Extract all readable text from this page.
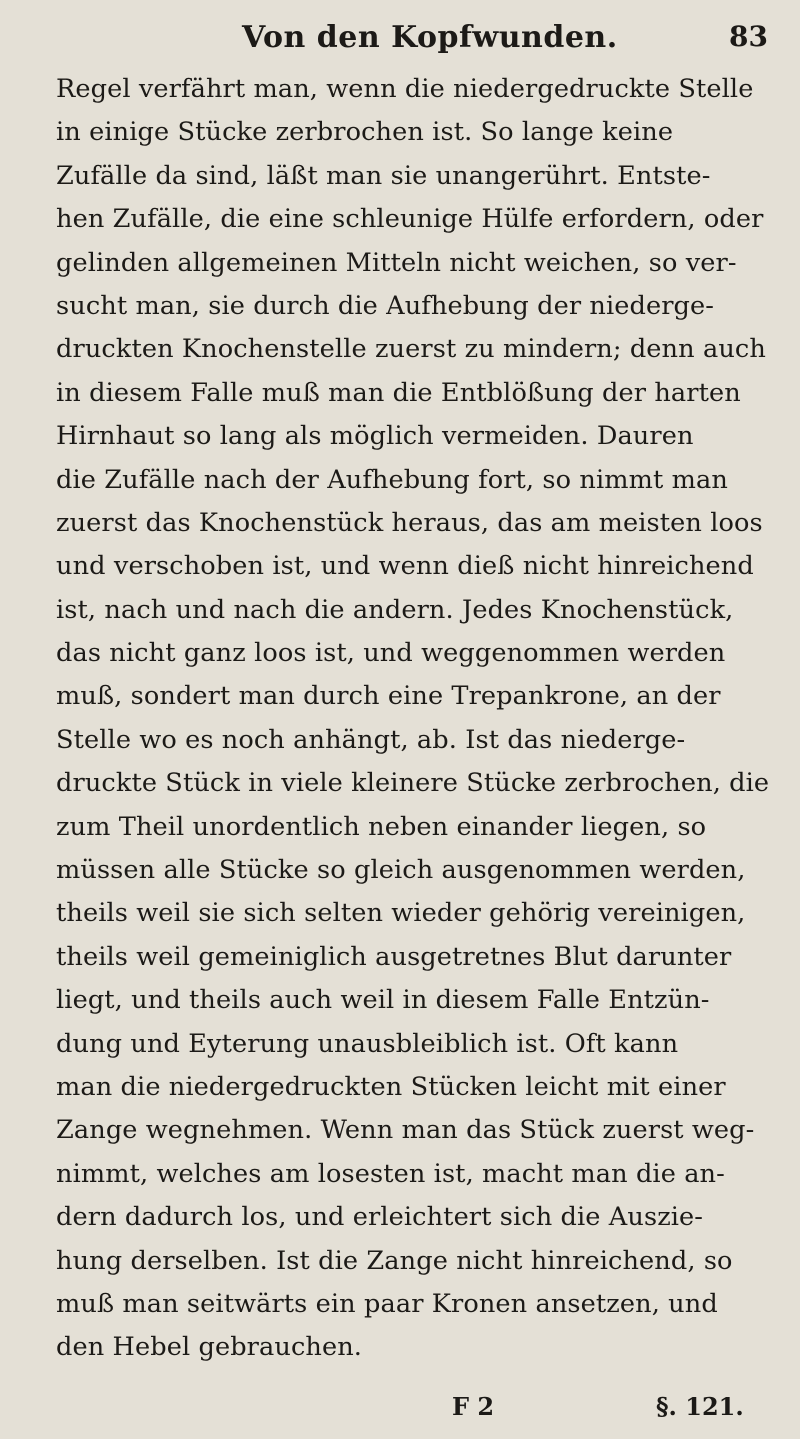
Von den Kopfwunden.	83
Regel verfährt man, wenn die niedergedruckte Stelle
in einige Stücke zerbrochen ist. So lange keine
Zufälle da sind, läßt man sie unangerührt. Entste-
hen Zufälle, die eine schleunige Hülfe erfordern, oder
gelinden allgemeinen Mitteln nicht weichen, so ver-
sucht man, sie durch die Aufhebung der niederge-
druckten Knochenstelle zuerst zu mindern; denn auch
in diesem Falle muß man die Entblößung der harten
Hirnhaut so lang als möglich vermeiden. Dauren
die Zufälle nach der Aufhebung fort, so nimmt man
zuerst das Knochenstück heraus, das am meisten loos
und verschoben ist, und wenn dieß nicht hinreichend
ist, nach und nach die andern. Jedes Knochenstück,
das nicht ganz loos ist, und weggenommen werden
muß, sondert man durch eine Trepankrone, an der
Stelle wo es noch anhängt, ab. Ist das niederge-
druckte Stück in viele kleinere Stücke zerbrochen, die
zum Theil unordentlich neben einander liegen, so
müssen alle Stücke so gleich ausgenommen werden,
theils weil sie sich selten wieder gehörig vereinigen,
theils weil gemeiniglich ausgetretnes Blut darunter
liegt, und theils auch weil in diesem Falle Entzün-
dung und Eyterung unausbleiblich ist. Oft kann
man die niedergedruckten Stücken leicht mit einer
Zange wegnehmen. Wenn man das Stück zuerst weg-
nimmt, welches am losesten ist, macht man die an-
dern dadurch los, und erleichtert sich die Auszie-
hung derselben. Ist die Zange nicht hinreichend, so
muß man seitwärts ein paar Kronen ansetzen, und
den Hebel gebrauchen.
F 2	§. 121.
